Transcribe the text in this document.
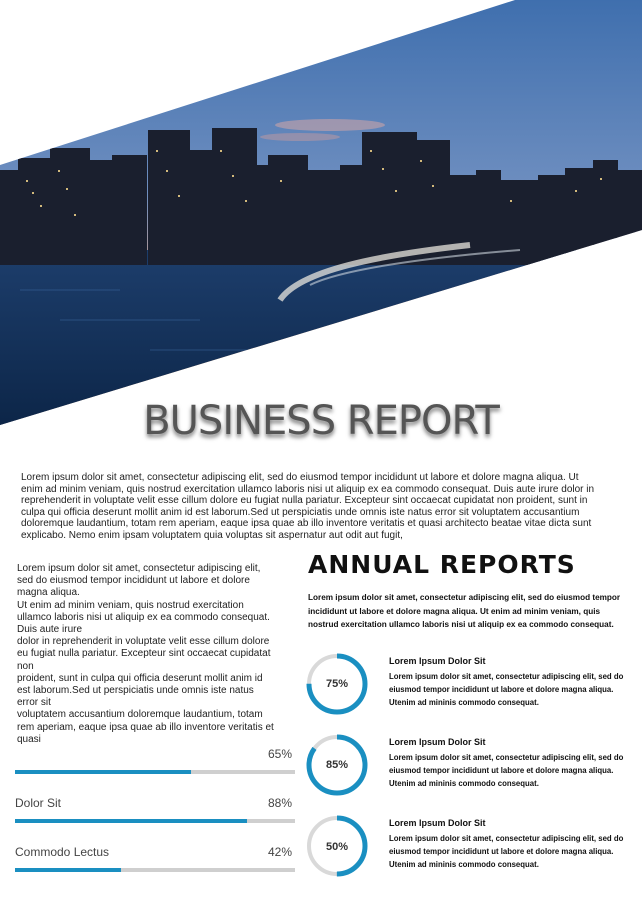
BUSINESS REPORT
Lorem ipsum dolor sit amet, consectetur adipiscing elit, sed do eiusmod tempor incididunt ut labore et dolore magna aliqua. Ut enim ad minim veniam, quis nostrud exercitation ullamco laboris nisi ut aliquip ex ea commodo consequat. Duis aute irure dolor in reprehenderit in voluptate velit esse cillum dolore eu fugiat nulla pariatur. Excepteur sint occaecat cupidatat non proident, sunt in culpa qui officia deserunt mollit anim id est laborum.Sed ut perspiciatis unde omnis iste natus error sit voluptatem accusantium doloremque laudantium, totam rem aperiam, eaque ipsa quae ab illo inventore veritatis et quasi architecto beatae vitae dicta sunt explicabo. Nemo enim ipsam voluptatem quia voluptas sit aspernatur aut odit aut fugit,
Lorem ipsum dolor sit amet, consectetur adipiscing elit,
sed do eiusmod tempor incididunt ut labore et dolore
magna aliqua.
Ut enim ad minim veniam, quis nostrud exercitation
ullamco laboris nisi ut aliquip ex ea commodo consequat.
Duis aute irure
dolor in reprehenderit in voluptate velit esse cillum dolore
eu fugiat nulla pariatur. Excepteur sint occaecat cupidatat
non
proident, sunt in culpa qui officia deserunt mollit anim id
est laborum.Sed ut perspiciatis unde omnis iste natus
error sit
voluptatem accusantium doloremque laudantium, totam
rem aperiam, eaque ipsa quae ab illo inventore veritatis et
quasi
65%
Dolor Sit	88%
Commodo Lectus	42%
ANNUAL REPORTS
Lorem ipsum dolor sit amet, consectetur adipiscing elit, sed do eiusmod tempor incididunt ut labore et dolore magna aliqua. Ut enim ad minim veniam, quis nostrud exercitation ullamco laboris nisi ut aliquip ex ea commodo consequat.
75%
Lorem Ipsum Dolor Sit
Lorem ipsum dolor sit amet, consectetur adipiscing elit, sed do eiusmod tempor incididunt ut labore et dolore magna aliqua. Utenim ad mininis commodo consequat.
85%
Lorem Ipsum Dolor Sit
Lorem ipsum dolor sit amet, consectetur adipiscing elit, sed do eiusmod tempor incididunt ut labore et dolore magna aliqua. Utenim ad mininis commodo consequat.
50%
Lorem Ipsum Dolor Sit
Lorem ipsum dolor sit amet, consectetur adipiscing elit, sed do eiusmod tempor incididunt ut labore et dolore magna aliqua. Utenim ad mininis commodo consequat.
